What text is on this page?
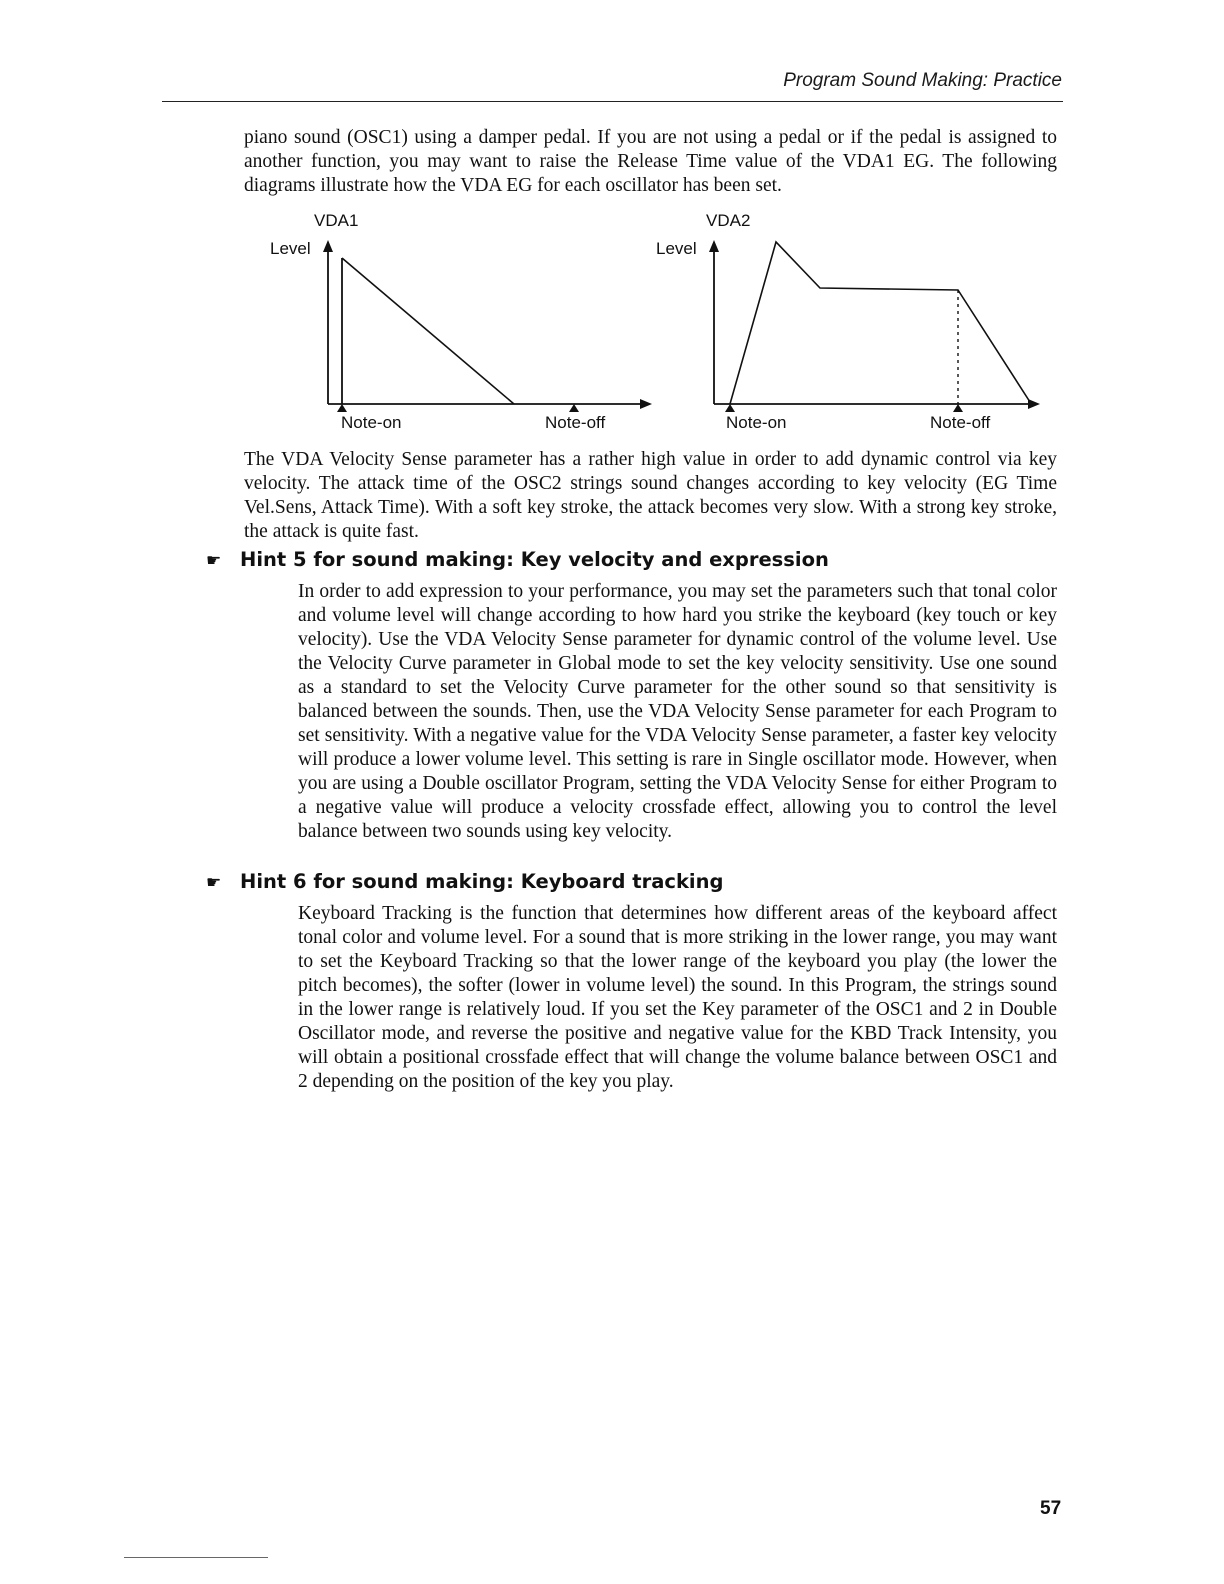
Program Sound Making: Practice

piano sound (OSC1) using a damper pedal. If you are not using a pedal or if the pedal is assigned to another function, you may want to raise the Release Time value of the VDA1 EG. The following diagrams illustrate how the VDA EG for each oscillator has been set.

VDA1
Level
Note-on	Note-off
VDA2
Level
Note-on	Note-off

The VDA Velocity Sense parameter has a rather high value in order to add dynamic control via key velocity. The attack time of the OSC2 strings sound changes according to key velocity (EG Time Vel.Sens, Attack Time). With a soft key stroke, the attack becomes very slow. With a strong key stroke, the attack is quite fast.

☛ Hint 5 for sound making: Key velocity and expression

In order to add expression to your performance, you may set the parameters such that tonal color and volume level will change according to how hard you strike the keyboard (key touch or key velocity). Use the VDA Velocity Sense parameter for dynamic control of the volume level. Use the Velocity Curve parameter in Global mode to set the key velocity sensitivity. Use one sound as a standard to set the Velocity Curve parameter for the other sound so that sensitivity is balanced between the sounds. Then, use the VDA Velocity Sense parameter for each Program to set sensitivity. With a negative value for the VDA Velocity Sense parameter, a faster key velocity will produce a lower volume level. This setting is rare in Single oscillator mode. However, when you are using a Double oscillator Program, setting the VDA Velocity Sense for either Program to a negative value will produce a velocity crossfade effect, allowing you to control the level balance between two sounds using key velocity.

☛ Hint 6 for sound making: Keyboard tracking

Keyboard Tracking is the function that determines how different areas of the keyboard affect tonal color and volume level. For a sound that is more striking in the lower range, you may want to set the Keyboard Tracking so that the lower range of the keyboard you play (the lower the pitch becomes), the softer (lower in volume level) the sound. In this Program, the strings sound in the lower range is relatively loud. If you set the Key parameter of the OSC1 and 2 in Double Oscillator mode, and reverse the positive and negative value for the KBD Track Intensity, you will obtain a positional crossfade effect that will change the volume balance between OSC1 and 2 depending on the position of the key you play.

57
